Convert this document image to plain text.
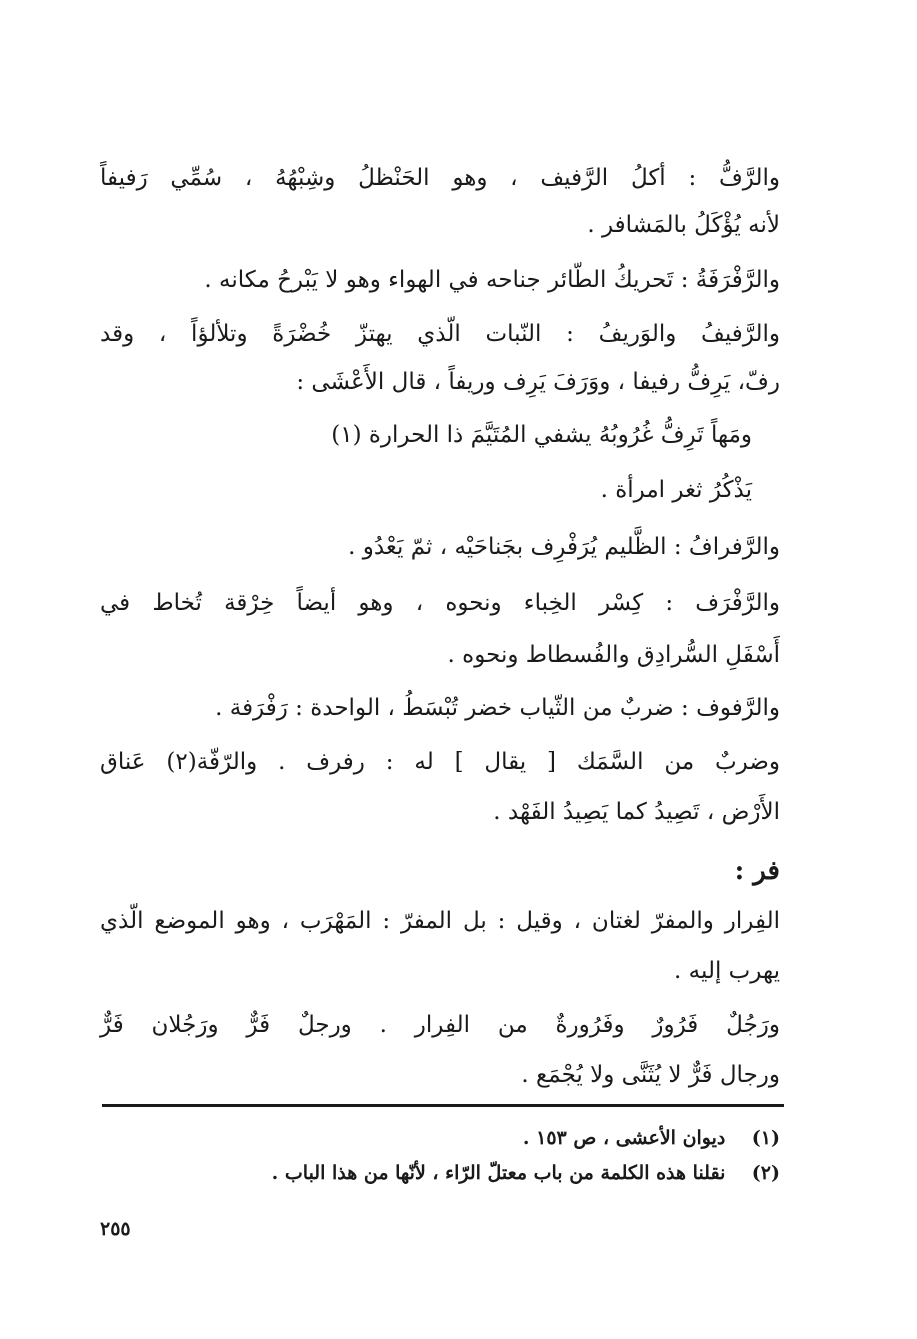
والرَّفُّ : أكلُ الرَّفيف ، وهو الحَنْظلُ وشِبْهُهُ ، سُمِّي رَفيفاً
لأنه يُؤْكَلُ بالمَشافر .
والرَّفْرَفَةُ : تَحريكُ الطّائر جناحه في الهواء وهو لا يَبْرحُ مكانه .
والرَّفيفُ والوَريفُ : النّبات الّذي يهتزّ خُضْرَةً وتلألؤاً ، وقد
رفّ، يَرِفُّ رفيفا ، ووَرَفَ يَرِف وريفاً ، قال الأَعْشَى :
ومَهاً تَرِفُّ غُرُوبُهُ يشفي المُتَيَّمَ ذا الحرارة (١)
يَذْكُرُ ثغر امرأة .
والرَّفرافُ : الظَّليم يُرَفْرِف بجَناحَيْه ، ثمّ يَعْدُو .
والرَّفْرَف : كِسْر الخِباء ونحوه ، وهو أيضاً خِرْقة تُخاط في
أَسْفَلِ السُّرادِق والفُسطاط ونحوه .
والرَّفوف : ضربٌ من الثّياب خضر تُبْسَطُ ، الواحدة : رَفْرَفة .
وضربٌ من السَّمَك [ يقال ] له : رفرف . والرّفّة(٢) عَناق
الأَرْض ، تَصِيدُ كما يَصِيدُ الفَهْد .
فر :
الفِرار والمفرّ لغتان ، وقيل : بل المفرّ : المَهْرَب ، وهو الموضع الّذي
يهرب إليه .
ورَجُلٌ فَرُورٌ وفَرُورةٌ من الفِرار . ورجلٌ فَرٌّ ورَجُلان فَرٌّ
ورجال فَرٌّ لا يُثَنَّى ولا يُجْمَع .
(١) ديوان الأعشى ، ص ١٥٣ .
(٢) نقلنا هذه الكلمة من باب معتلّ الرّاء ، لأنّها من هذا الباب .
٢٥٥
